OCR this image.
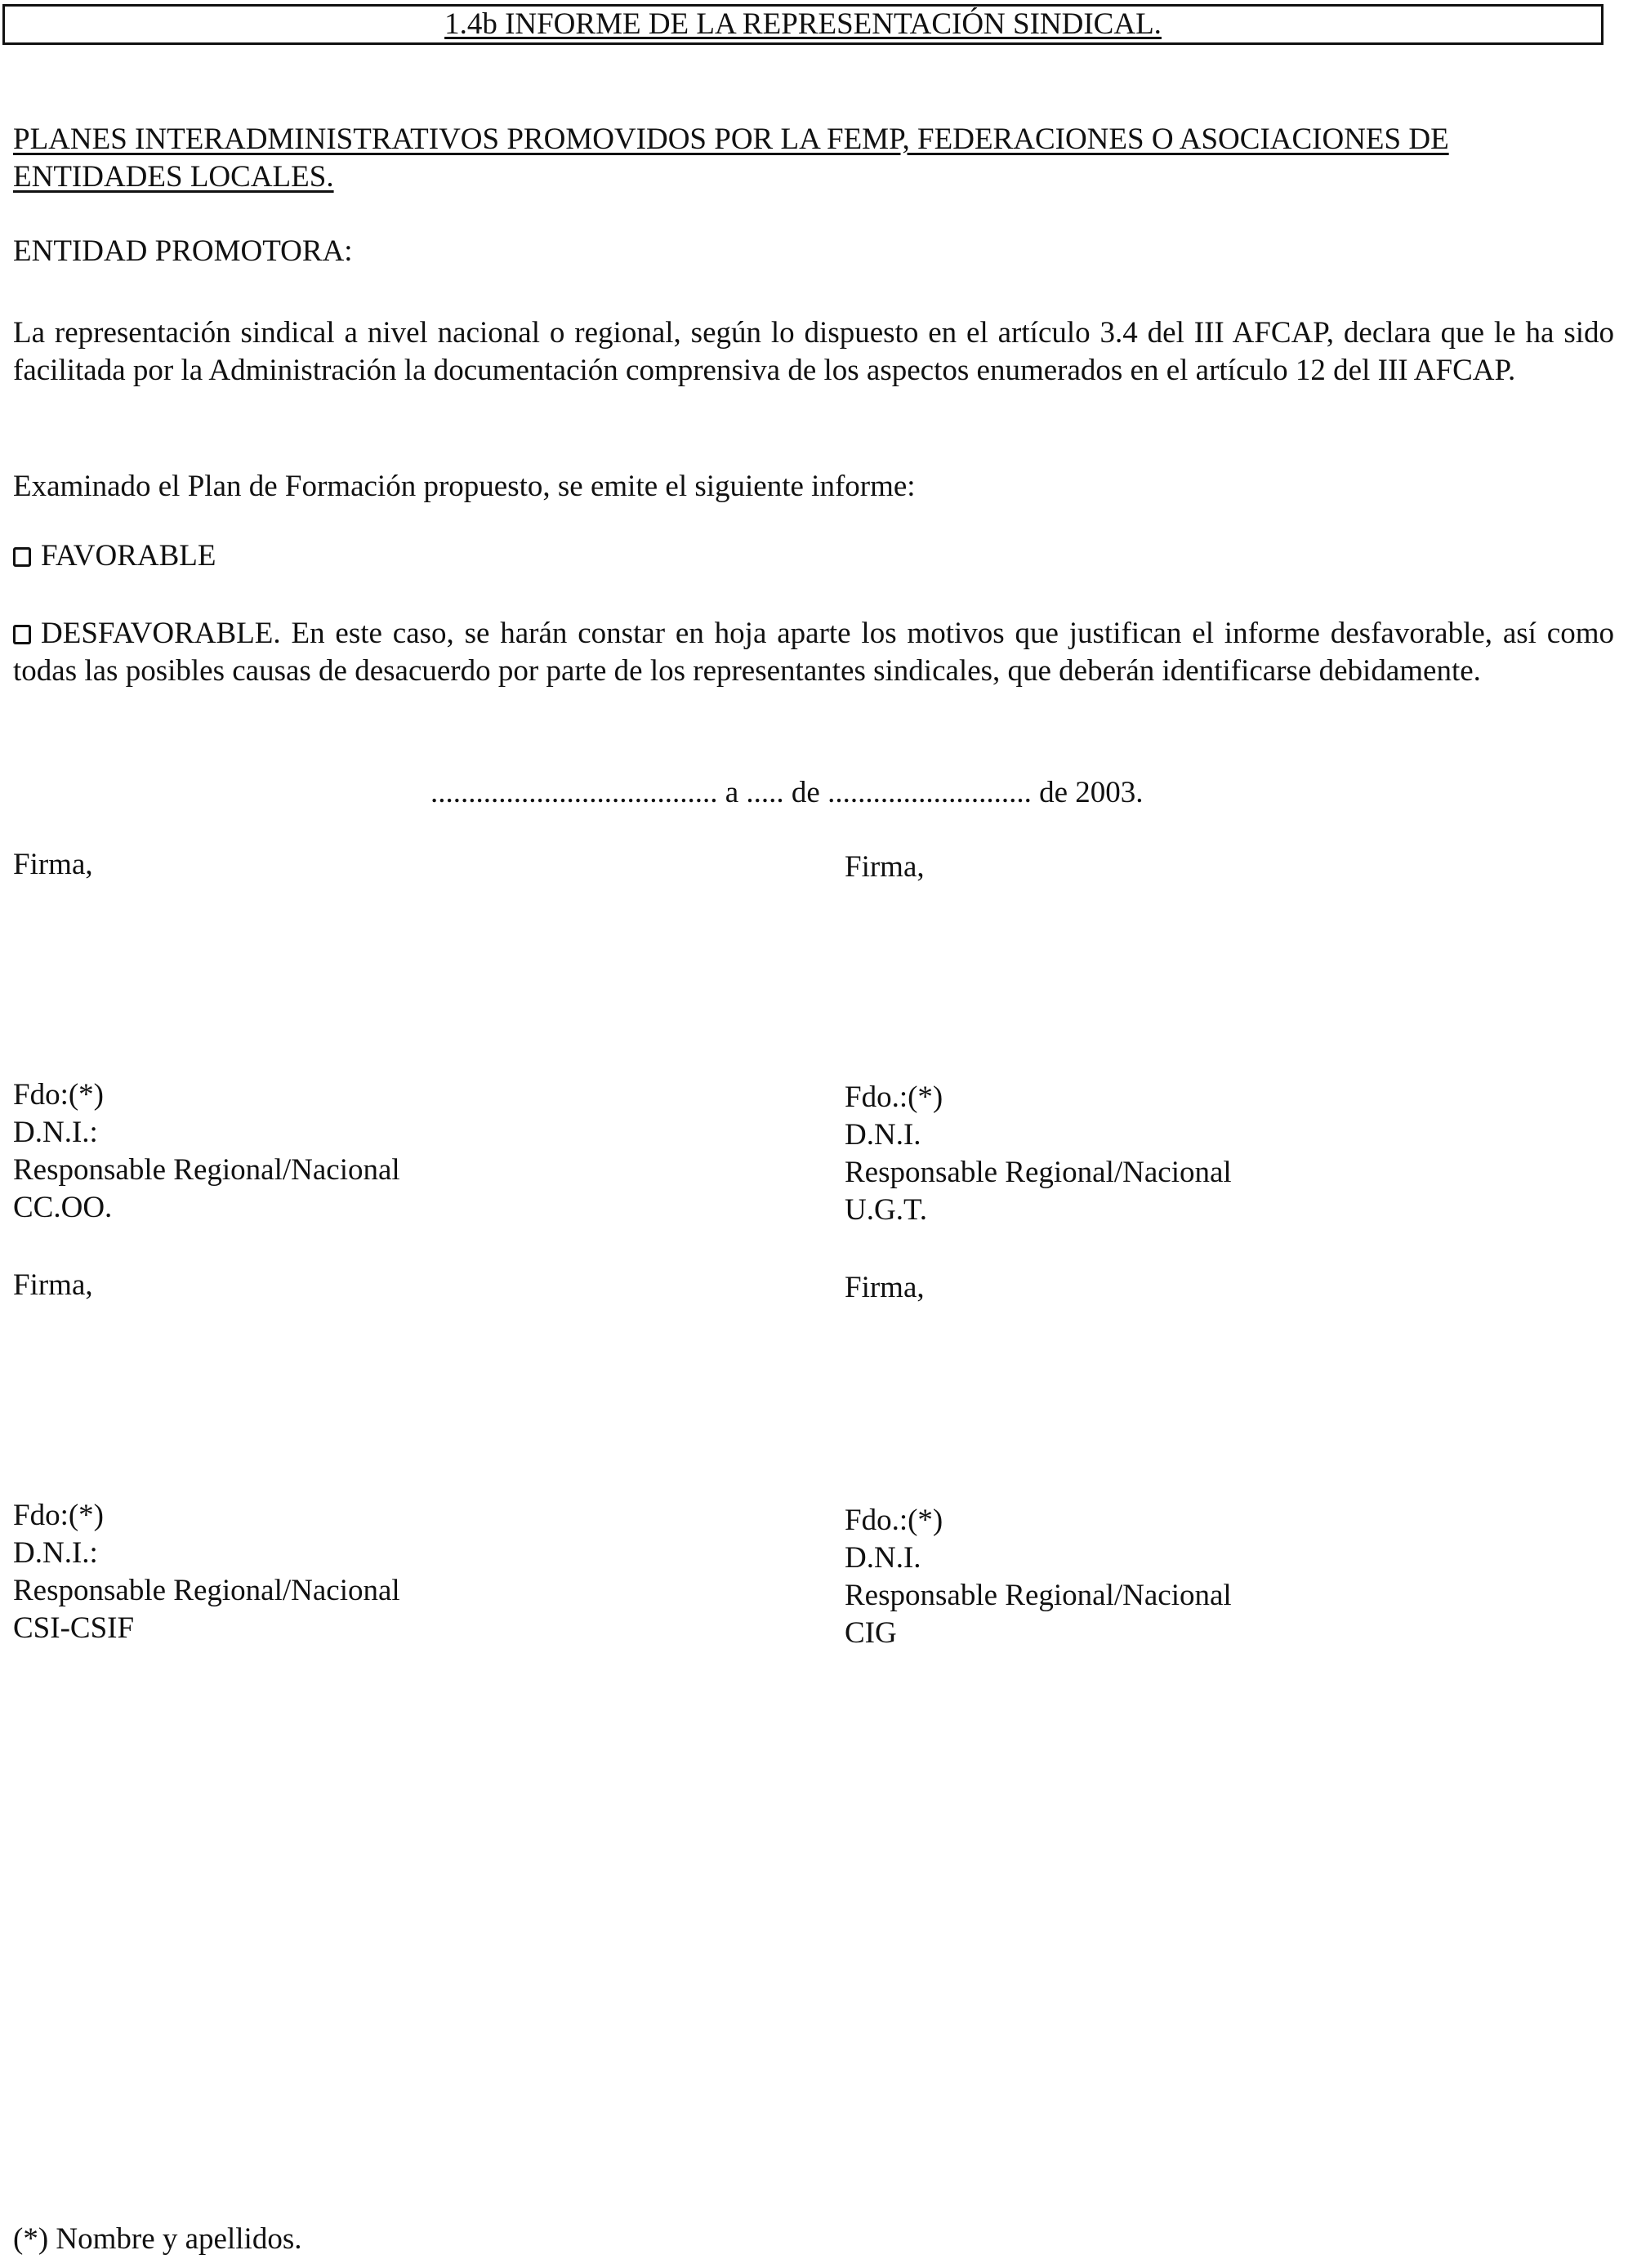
1.4b INFORME DE LA REPRESENTACIÓN SINDICAL.
PLANES INTERADMINISTRATIVOS PROMOVIDOS POR LA FEMP, FEDERACIONES O ASOCIACIONES DE
ENTIDADES LOCALES.
ENTIDAD PROMOTORA:
La representación sindical a nivel nacional o regional, según lo dispuesto en el artículo 3.4 del III AFCAP, declara que le ha sido facilitada por la Administración la documentación comprensiva de los aspectos enumerados en el artículo 12 del III AFCAP.
Examinado el Plan de Formación propuesto, se emite el siguiente informe:
FAVORABLE
DESFAVORABLE. En este caso, se harán constar en hoja aparte los motivos que justifican el informe desfavorable, así como todas las posibles causas de desacuerdo por parte de los representantes sindicales, que deberán identificarse debidamente.
...................................... a ..... de ........................... de 2003.
Firma,
Fdo:(*)
D.N.I.:
Responsable Regional/Nacional
CC.OO.
Firma,
Fdo.:(*)
D.N.I.
Responsable Regional/Nacional
U.G.T.
Firma,
Fdo:(*)
D.N.I.:
Responsable Regional/Nacional
CSI-CSIF
Firma,
Fdo.:(*)
D.N.I.
Responsable Regional/Nacional
CIG
(*) Nombre y apellidos.
